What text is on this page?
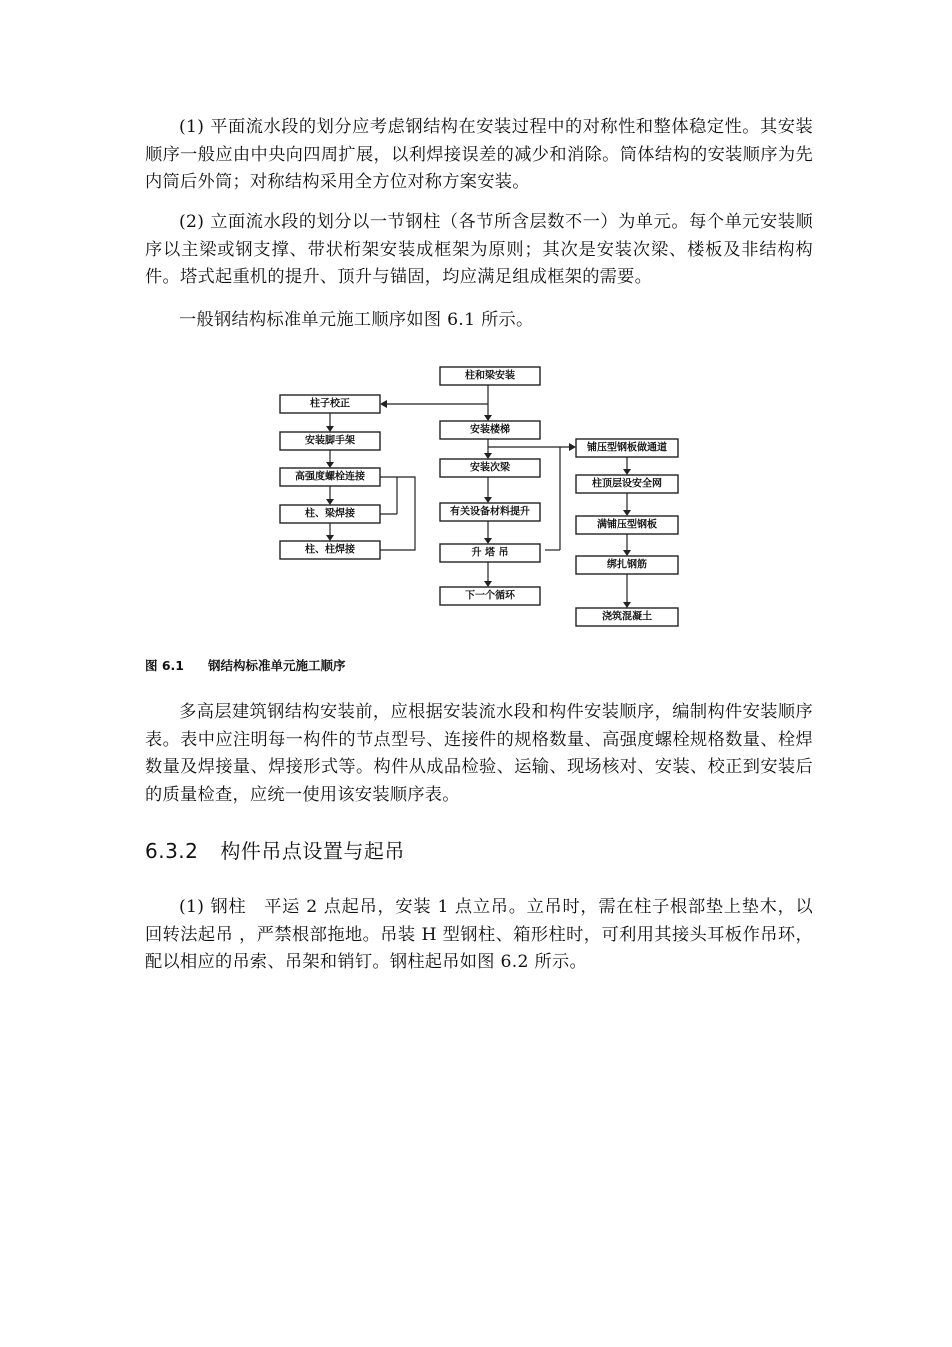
(1) 平面流水段的划分应考虑钢结构在安装过程中的对称性和整体稳定性。其安装顺序一般应由中央向四周扩展，以利焊接误差的减少和消除。筒体结构的安装顺序为先内筒后外筒；对称结构采用全方位对称方案安装。

(2) 立面流水段的划分以一节钢柱（各节所含层数不一）为单元。每个单元安装顺序以主梁或钢支撑、带状桁架安装成框架为原则；其次是安装次梁、楼板及非结构构件。塔式起重机的提升、顶升与锚固，均应满足组成框架的需要。

一般钢结构标准单元施工顺序如图 6.1 所示。

柱和梁安装
安装楼梯
安装次梁
有关设备材料提升
升 塔 吊
下一个循环
柱子校正
安装脚手架
高强度螺栓连接
柱、梁焊接
柱、柱焊接
铺压型钢板做通道
柱顶层设安全网
满铺压型钢板
绑扎钢筋
浇筑混凝土
图 6.1 钢结构标准单元施工顺序

多高层建筑钢结构安装前，应根据安装流水段和构件安装顺序，编制构件安装顺序表。表中应注明每一构件的节点型号、连接件的规格数量、高强度螺栓规格数量、栓焊数量及焊接量、焊接形式等。构件从成品检验、运输、现场核对、安装、校正到安装后的质量检查，应统一使用该安装顺序表。

6.3.2 构件吊点设置与起吊

(1) 钢柱　平运 2 点起吊，安装 1 点立吊。立吊时，需在柱子根部垫上垫木，以回转法起吊 ，严禁根部拖地。吊装 H 型钢柱、箱形柱时，可利用其接头耳板作吊环，配以相应的吊索、吊架和销钉。钢柱起吊如图 6.2 所示。
